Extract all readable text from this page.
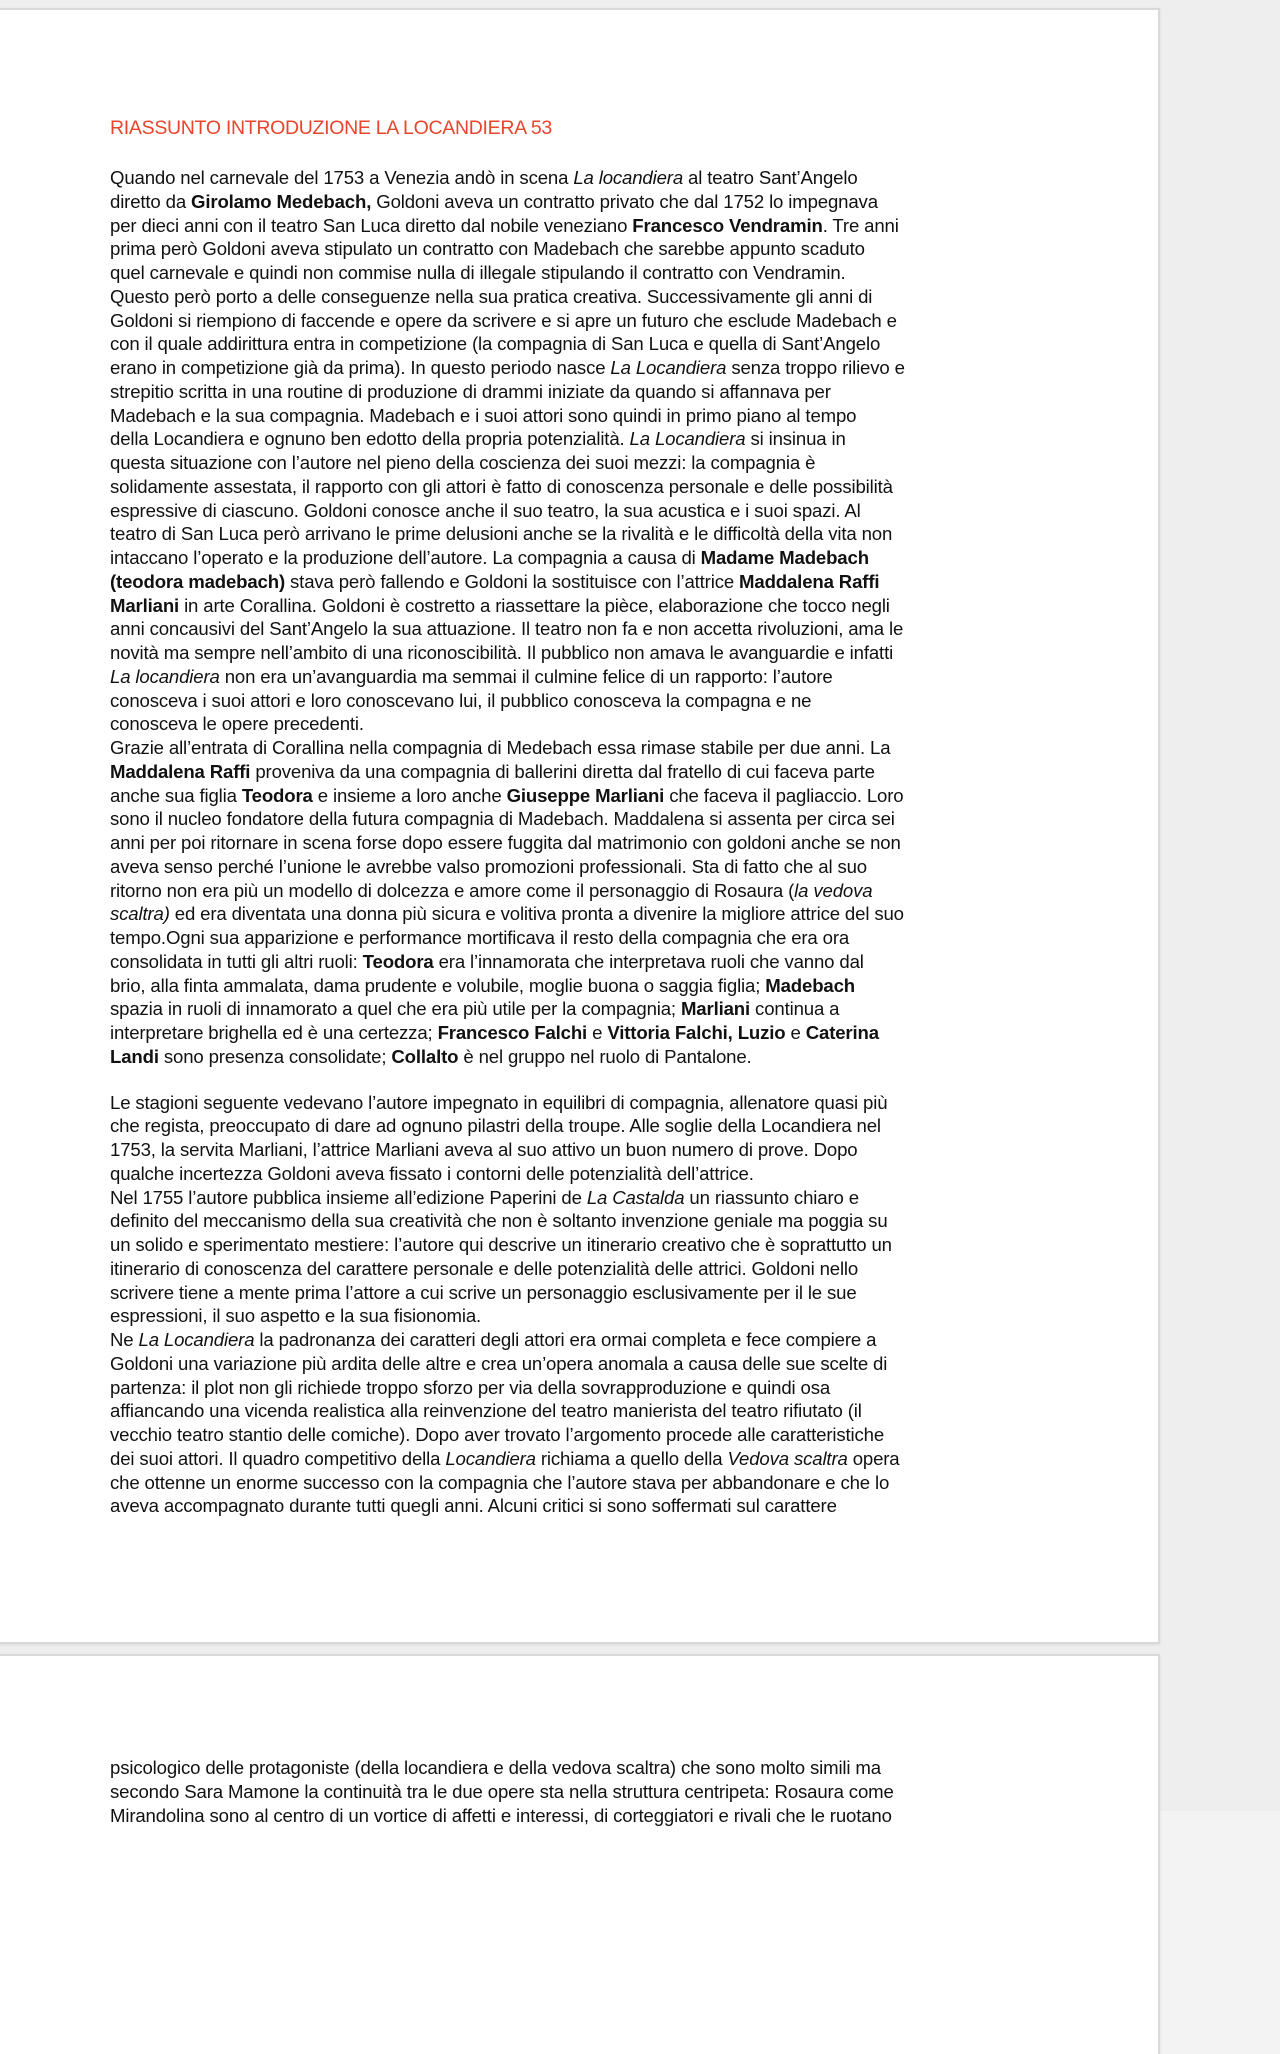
RIASSUNTO INTRODUZIONE LA LOCANDIERA 53
Quando nel carnevale del 1753 a Venezia andò in scena La locandiera al teatro Sant’Angelo
diretto da Girolamo Medebach, Goldoni aveva un contratto privato che dal 1752 lo impegnava
per dieci anni con il teatro San Luca diretto dal nobile veneziano Francesco Vendramin. Tre anni
prima però Goldoni aveva stipulato un contratto con Madebach che sarebbe appunto scaduto
quel carnevale e quindi non commise nulla di illegale stipulando il contratto con Vendramin.
Questo però porto a delle conseguenze nella sua pratica creativa. Successivamente gli anni di
Goldoni si riempiono di faccende e opere da scrivere e si apre un futuro che esclude Madebach e
con il quale addirittura entra in competizione (la compagnia di San Luca e quella di Sant’Angelo
erano in competizione già da prima). In questo periodo nasce La Locandiera senza troppo rilievo e
strepitio scritta in una routine di produzione di drammi iniziate da quando si affannava per
Madebach e la sua compagnia. Madebach e i suoi attori sono quindi in primo piano al tempo
della Locandiera e ognuno ben edotto della propria potenzialità. La Locandiera si insinua in
questa situazione con l’autore nel pieno della coscienza dei suoi mezzi: la compagnia è
solidamente assestata, il rapporto con gli attori è fatto di conoscenza personale e delle possibilità
espressive di ciascuno. Goldoni conosce anche il suo teatro, la sua acustica e i suoi spazi. Al
teatro di San Luca però arrivano le prime delusioni anche se la rivalità e le difficoltà della vita non
intaccano l’operato e la produzione dell’autore. La compagnia a causa di Madame Madebach
(teodora madebach) stava però fallendo e Goldoni la sostituisce con l’attrice Maddalena Raffi
Marliani in arte Corallina. Goldoni è costretto a riassettare la pièce, elaborazione che tocco negli
anni concausivi del Sant’Angelo la sua attuazione. Il teatro non fa e non accetta rivoluzioni, ama le
novità ma sempre nell’ambito di una riconoscibilità. Il pubblico non amava le avanguardie e infatti
La locandiera non era un’avanguardia ma semmai il culmine felice di un rapporto: l’autore
conosceva i suoi attori e loro conoscevano lui, il pubblico conosceva la compagna e ne
conosceva le opere precedenti.
Grazie all’entrata di Corallina nella compagnia di Medebach essa rimase stabile per due anni. La
Maddalena Raffi proveniva da una compagnia di ballerini diretta dal fratello di cui faceva parte
anche sua figlia Teodora e insieme a loro anche Giuseppe Marliani che faceva il pagliaccio. Loro
sono il nucleo fondatore della futura compagnia di Madebach. Maddalena si assenta per circa sei
anni per poi ritornare in scena forse dopo essere fuggita dal matrimonio con goldoni anche se non
aveva senso perché l’unione le avrebbe valso promozioni professionali. Sta di fatto che al suo
ritorno non era più un modello di dolcezza e amore come il personaggio di Rosaura (la vedova
scaltra) ed era diventata una donna più sicura e volitiva pronta a divenire la migliore attrice del suo
tempo.Ogni sua apparizione e performance mortificava il resto della compagnia che era ora
consolidata in tutti gli altri ruoli: Teodora era l’innamorata che interpretava ruoli che vanno dal
brio, alla finta ammalata, dama prudente e volubile, moglie buona o saggia figlia; Madebach
spazia in ruoli di innamorato a quel che era più utile per la compagnia; Marliani continua a
interpretare brighella ed è una certezza; Francesco Falchi e Vittoria Falchi, Luzio e Caterina
Landi sono presenza consolidate; Collalto è nel gruppo nel ruolo di Pantalone.
Le stagioni seguente vedevano l’autore impegnato in equilibri di compagnia, allenatore quasi più
che regista, preoccupato di dare ad ognuno pilastri della troupe. Alle soglie della Locandiera nel
1753, la servita Marliani, l’attrice Marliani aveva al suo attivo un buon numero di prove. Dopo
qualche incertezza Goldoni aveva fissato i contorni delle potenzialità dell’attrice.
Nel 1755 l’autore pubblica insieme all’edizione Paperini de La Castalda un riassunto chiaro e
definito del meccanismo della sua creatività che non è soltanto invenzione geniale ma poggia su
un solido e sperimentato mestiere: l’autore qui descrive un itinerario creativo che è soprattutto un
itinerario di conoscenza del carattere personale e delle potenzialità delle attrici. Goldoni nello
scrivere tiene a mente prima l’attore a cui scrive un personaggio esclusivamente per il le sue
espressioni, il suo aspetto e la sua fisionomia.
Ne La Locandiera la padronanza dei caratteri degli attori era ormai completa e fece compiere a
Goldoni una variazione più ardita delle altre e crea un’opera anomala a causa delle sue scelte di
partenza: il plot non gli richiede troppo sforzo per via della sovrapproduzione e quindi osa
affiancando una vicenda realistica alla reinvenzione del teatro manierista del teatro rifiutato (il
vecchio teatro stantio delle comiche). Dopo aver trovato l’argomento procede alle caratteristiche
dei suoi attori. Il quadro competitivo della Locandiera richiama a quello della Vedova scaltra opera
che ottenne un enorme successo con la compagnia che l’autore stava per abbandonare e che lo
aveva accompagnato durante tutti quegli anni. Alcuni critici si sono soffermati sul carattere
psicologico delle protagoniste (della locandiera e della vedova scaltra) che sono molto simili ma
secondo Sara Mamone la continuità tra le due opere sta nella struttura centripeta: Rosaura come
Mirandolina sono al centro di un vortice di affetti e interessi, di corteggiatori e rivali che le ruotano
